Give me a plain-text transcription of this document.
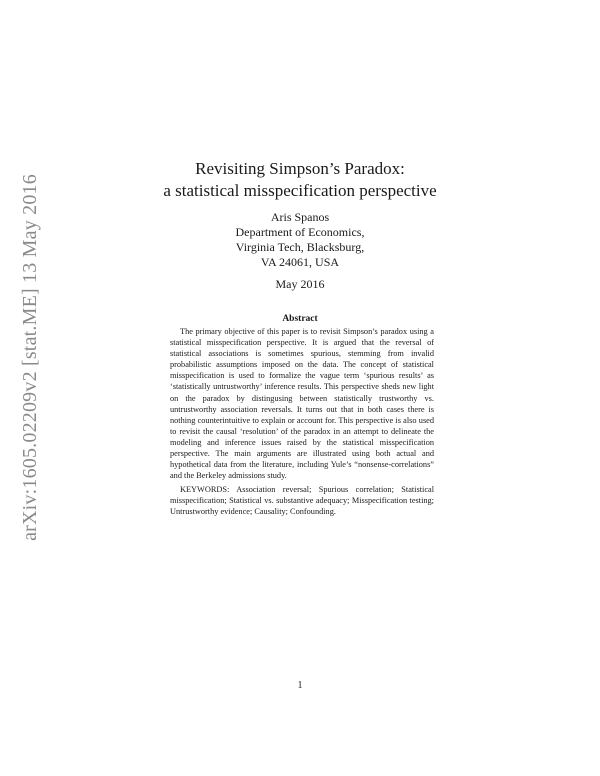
arXiv:1605.02209v2 [stat.ME] 13 May 2016
Revisiting Simpson’s Paradox:
a statistical misspecification perspective
Aris Spanos
Department of Economics,
Virginia Tech, Blacksburg,
VA 24061, USA
May 2016
Abstract

The primary objective of this paper is to revisit Simpson’s paradox using a statistical misspecification perspective. It is argued that the reversal of statistical associations is sometimes spurious, stemming from invalid probabilistic assumptions imposed on the data. The concept of statistical misspecification is used to formalize the vague term ‘spurious results’ as ‘statistically untrustworthy’ inference results. This perspective sheds new light on the paradox by distingusing between statistically trustworthy vs. untrustworthy association reversals. It turns out that in both cases there is nothing counterintuitive to explain or account for. This perspective is also used to revisit the causal ‘resolution’ of the paradox in an attempt to delineate the modeling and inference issues raised by the statistical misspecification perspective. The main arguments are illustrated using both actual and hypothetical data from the literature, including Yule’s “nonsense-correlations” and the Berkeley admissions study.

KEYWORDS: Association reversal; Spurious correlation; Statistical misspecification; Statistical vs. substantive adequacy; Misspecification testing; Untrustworthy evidence; Causality; Confounding.

1
